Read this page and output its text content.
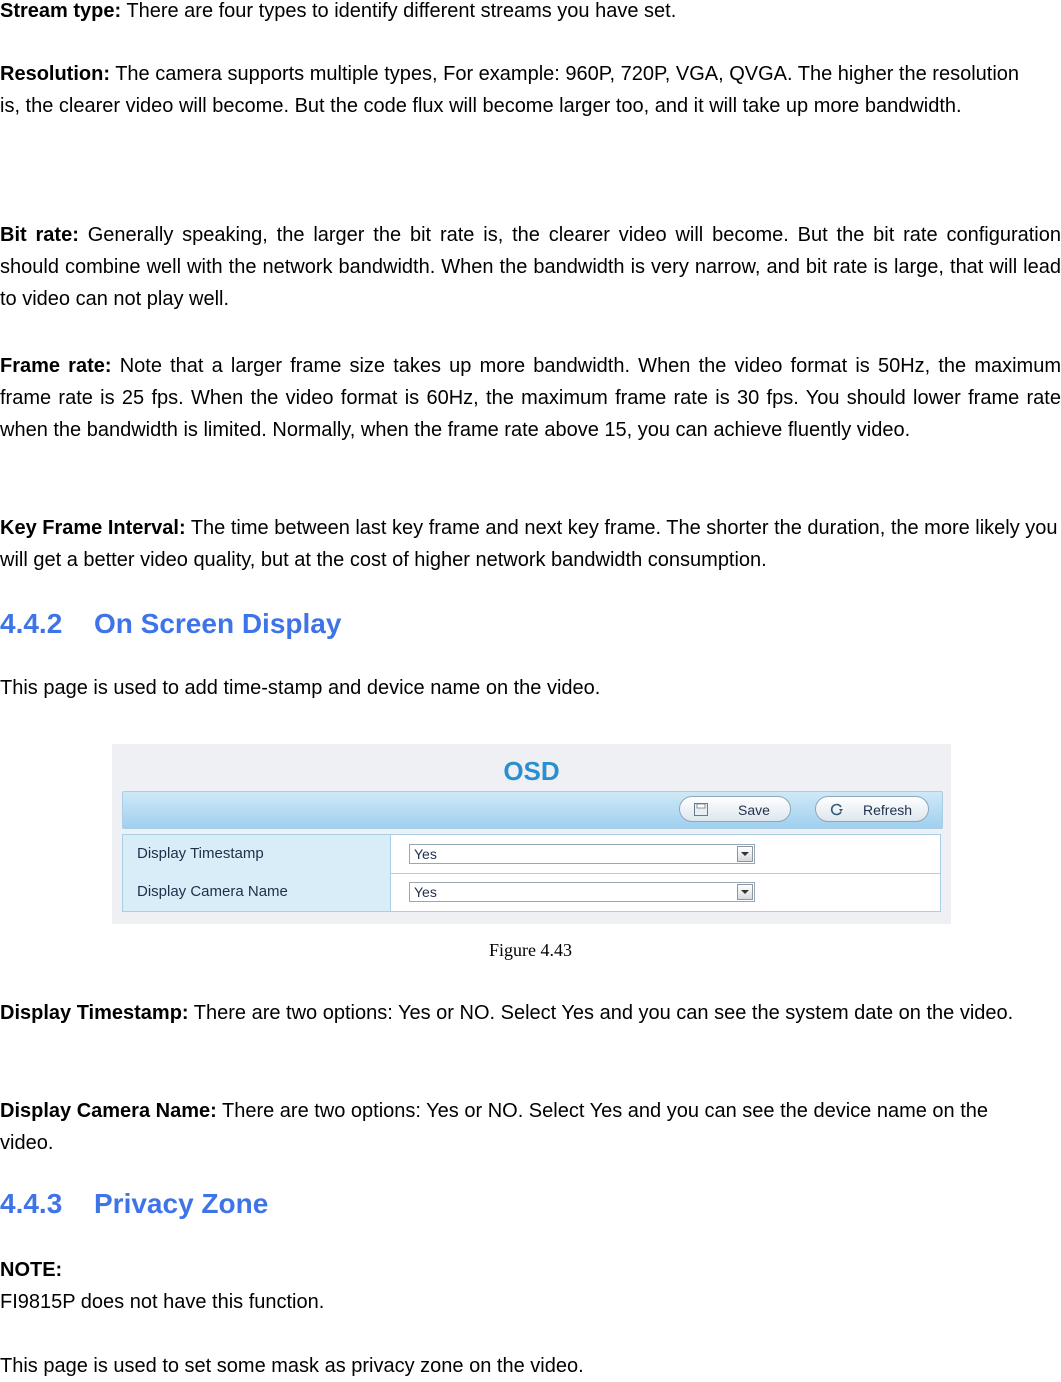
Stream type: There are four types to identify different streams you have set.

Resolution: The camera supports multiple types, For example: 960P, 720P, VGA, QVGA. The higher the resolution is, the clearer video will become. But the code flux will become larger too, and it will take up more bandwidth.

Bit rate: Generally speaking, the larger the bit rate is, the clearer video will become. But the bit rate configuration should combine well with the network bandwidth. When the bandwidth is very narrow, and bit rate is large, that will lead to video can not play well.

Frame rate: Note that a larger frame size takes up more bandwidth. When the video format is 50Hz, the maximum frame rate is 25 fps. When the video format is 60Hz, the maximum frame rate is 30 fps. You should lower frame rate when the bandwidth is limited. Normally, when the frame rate above 15, you can achieve fluently video.

Key Frame Interval: The time between last key frame and next key frame. The shorter the duration, the more likely you will get a better video quality, but at the cost of higher network bandwidth consumption.

4.4.2 On Screen Display

This page is used to add time-stamp and device name on the video.

OSD
Save	Refresh
Display Timestamp	Yes
Display Camera Name	Yes
Figure 4.43

Display Timestamp: There are two options: Yes or NO. Select Yes and you can see the system date on the video.

Display Camera Name: There are two options: Yes or NO. Select Yes and you can see the device name on the video.

4.4.3 Privacy Zone

NOTE:

FI9815P does not have this function.

This page is used to set some mask as privacy zone on the video.
